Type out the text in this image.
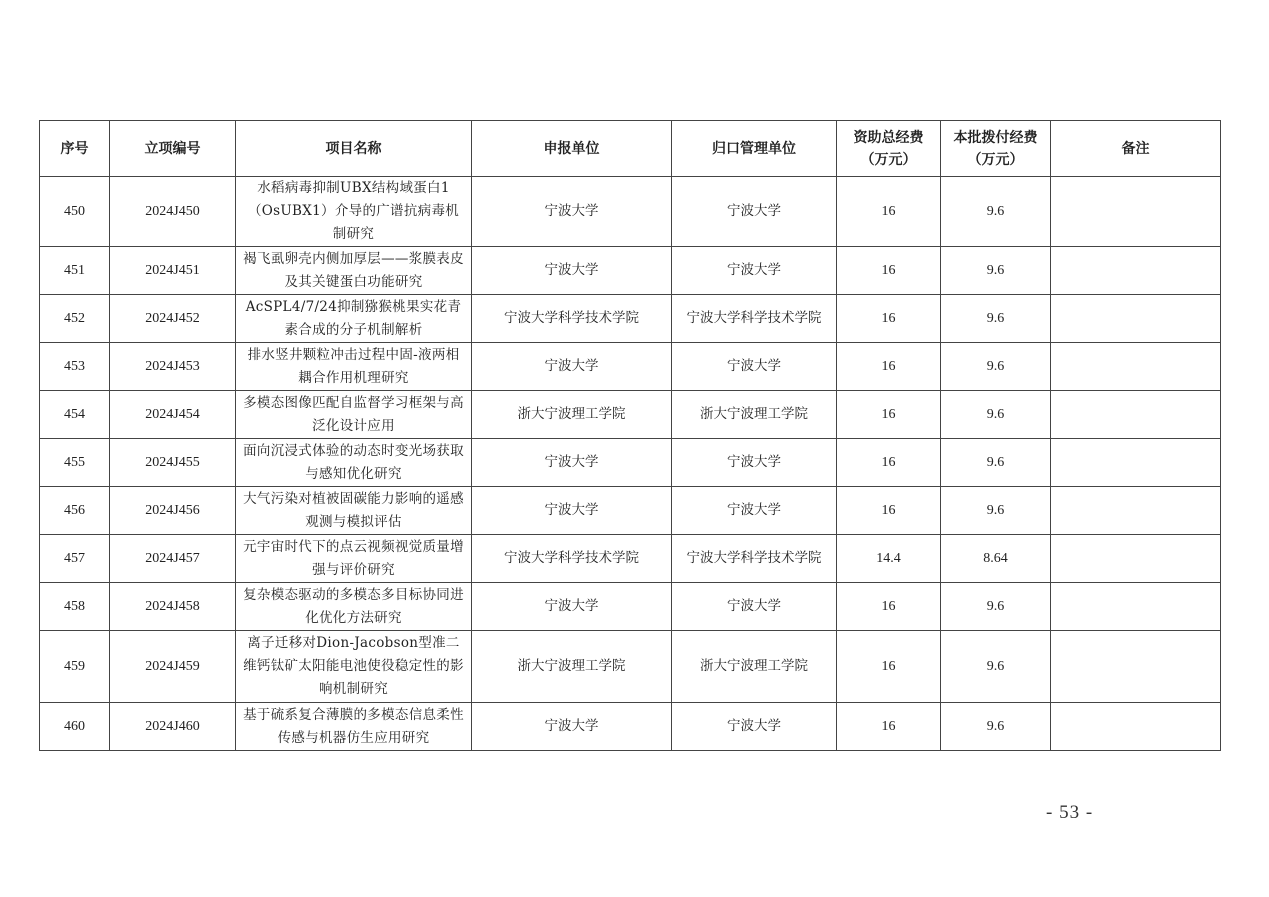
序号	立项编号	项目名称	申报单位	归口管理单位	资助总经费（万元）	本批拨付经费（万元）	备注
450	2024J450	水稻病毒抑制UBX结构域蛋白1（OsUBX1）介导的广谱抗病毒机制研究	宁波大学	宁波大学	16	9.6	
451	2024J451	褐飞虱卵壳内侧加厚层——浆膜表皮及其关键蛋白功能研究	宁波大学	宁波大学	16	9.6	
452	2024J452	AcSPL4/7/24抑制猕猴桃果实花青素合成的分子机制解析	宁波大学科学技术学院	宁波大学科学技术学院	16	9.6	
453	2024J453	排水竖井颗粒冲击过程中固-液两相耦合作用机理研究	宁波大学	宁波大学	16	9.6	
454	2024J454	多模态图像匹配自监督学习框架与高泛化设计应用	浙大宁波理工学院	浙大宁波理工学院	16	9.6	
455	2024J455	面向沉浸式体验的动态时变光场获取与感知优化研究	宁波大学	宁波大学	16	9.6	
456	2024J456	大气污染对植被固碳能力影响的遥感观测与模拟评估	宁波大学	宁波大学	16	9.6	
457	2024J457	元宇宙时代下的点云视频视觉质量增强与评价研究	宁波大学科学技术学院	宁波大学科学技术学院	14.4	8.64	
458	2024J458	复杂模态驱动的多模态多目标协同进化优化方法研究	宁波大学	宁波大学	16	9.6	
459	2024J459	离子迁移对Dion-Jacobson型准二维钙钛矿太阳能电池使役稳定性的影响机制研究	浙大宁波理工学院	浙大宁波理工学院	16	9.6	
460	2024J460	基于硫系复合薄膜的多模态信息柔性传感与机器仿生应用研究	宁波大学	宁波大学	16	9.6	
- 53 -
